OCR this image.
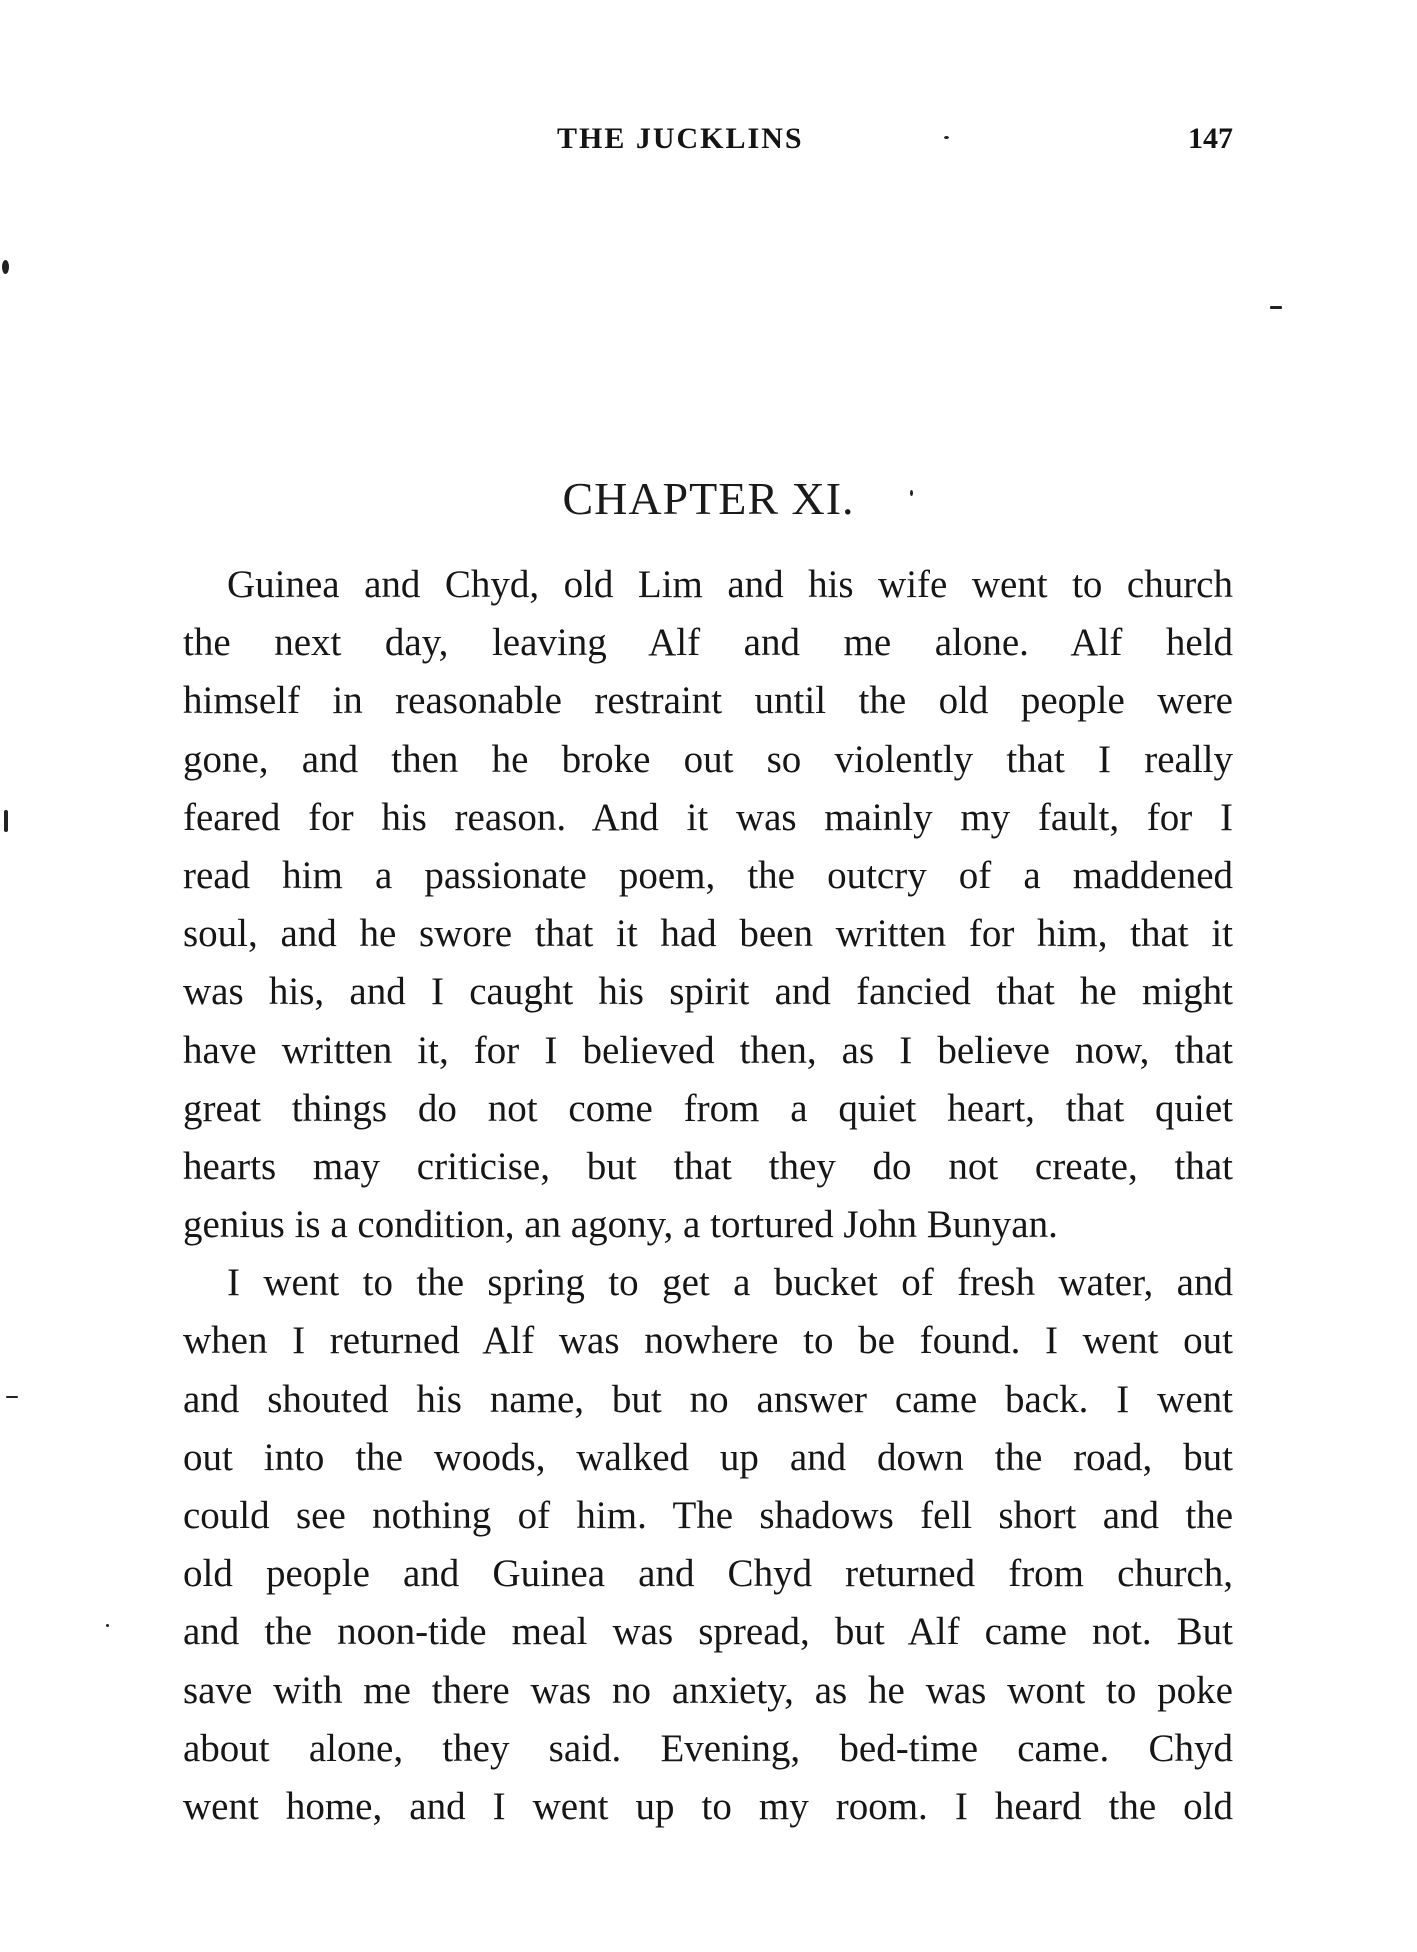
THE JUCKLINS	147
CHAPTER XI.
Guinea and Chyd, old Lim and his wife went to church
the next day, leaving Alf and me alone. Alf held
himself in reasonable restraint until the old people were
gone, and then he broke out so violently that I really
feared for his reason. And it was mainly my fault, for I
read him a passionate poem, the outcry of a maddened
soul, and he swore that it had been written for him, that it
was his, and I caught his spirit and fancied that he might
have written it, for I believed then, as I believe now, that
great things do not come from a quiet heart, that quiet
hearts may criticise, but that they do not create, that
genius is a condition, an agony, a tortured John Bunyan.
I went to the spring to get a bucket of fresh water, and
when I returned Alf was nowhere to be found. I went out
and shouted his name, but no answer came back. I went
out into the woods, walked up and down the road, but
could see nothing of him. The shadows fell short and the
old people and Guinea and Chyd returned from church,
and the noon-tide meal was spread, but Alf came not. But
save with me there was no anxiety, as he was wont to poke
about alone, they said. Evening, bed-time came. Chyd
went home, and I went up to my room. I heard the old
